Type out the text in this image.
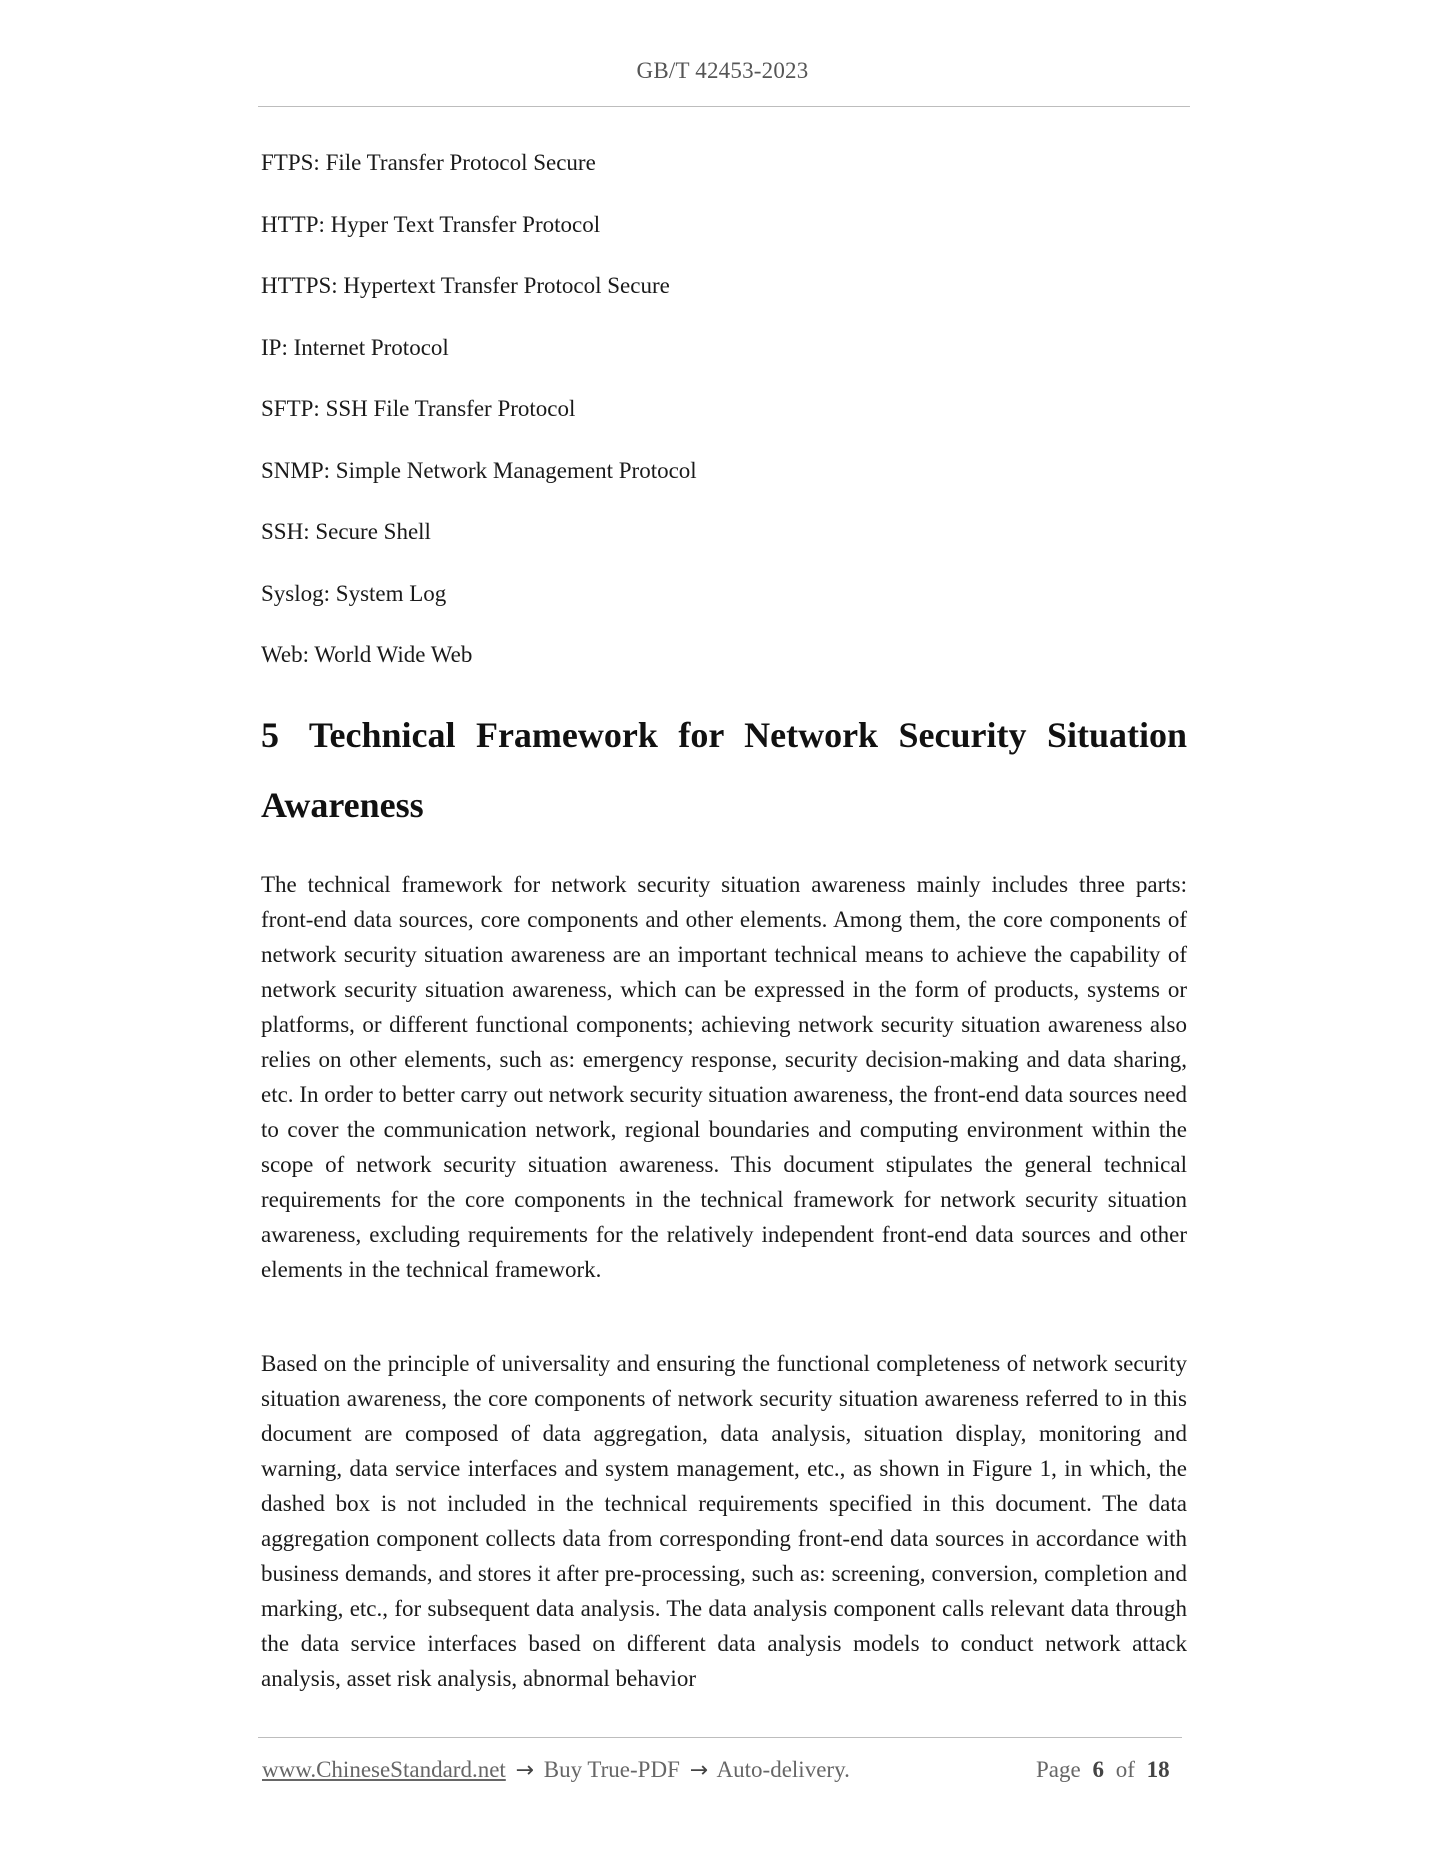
GB/T 42453-2023
FTPS: File Transfer Protocol Secure
HTTP: Hyper Text Transfer Protocol
HTTPS: Hypertext Transfer Protocol Secure
IP: Internet Protocol
SFTP: SSH File Transfer Protocol
SNMP: Simple Network Management Protocol
SSH: Secure Shell
Syslog: System Log
Web: World Wide Web
5 Technical Framework for Network Security Situation Awareness

The technical framework for network security situation awareness mainly includes three parts: front-end data sources, core components and other elements. Among them, the core components of network security situation awareness are an important technical means to achieve the capability of network security situation awareness, which can be expressed in the form of products, systems or platforms, or different functional components; achieving network security situation awareness also relies on other elements, such as: emergency response, security decision-making and data sharing, etc. In order to better carry out network security situation awareness, the front-end data sources need to cover the communication network, regional boundaries and computing environment within the scope of network security situation awareness. This document stipulates the general technical requirements for the core components in the technical framework for network security situation awareness, excluding requirements for the relatively independent front-end data sources and other elements in the technical framework.

Based on the principle of universality and ensuring the functional completeness of network security situation awareness, the core components of network security situation awareness referred to in this document are composed of data aggregation, data analysis, situation display, monitoring and warning, data service interfaces and system management, etc., as shown in Figure 1, in which, the dashed box is not included in the technical requirements specified in this document. The data aggregation component collects data from corresponding front-end data sources in accordance with business demands, and stores it after pre-processing, such as: screening, conversion, completion and marking, etc., for subsequent data analysis. The data analysis component calls relevant data through the data service interfaces based on different data analysis models to conduct network attack analysis, asset risk analysis, abnormal behavior

www.ChineseStandard.net → Buy True-PDF → Auto-delivery.	Page 6 of 18
